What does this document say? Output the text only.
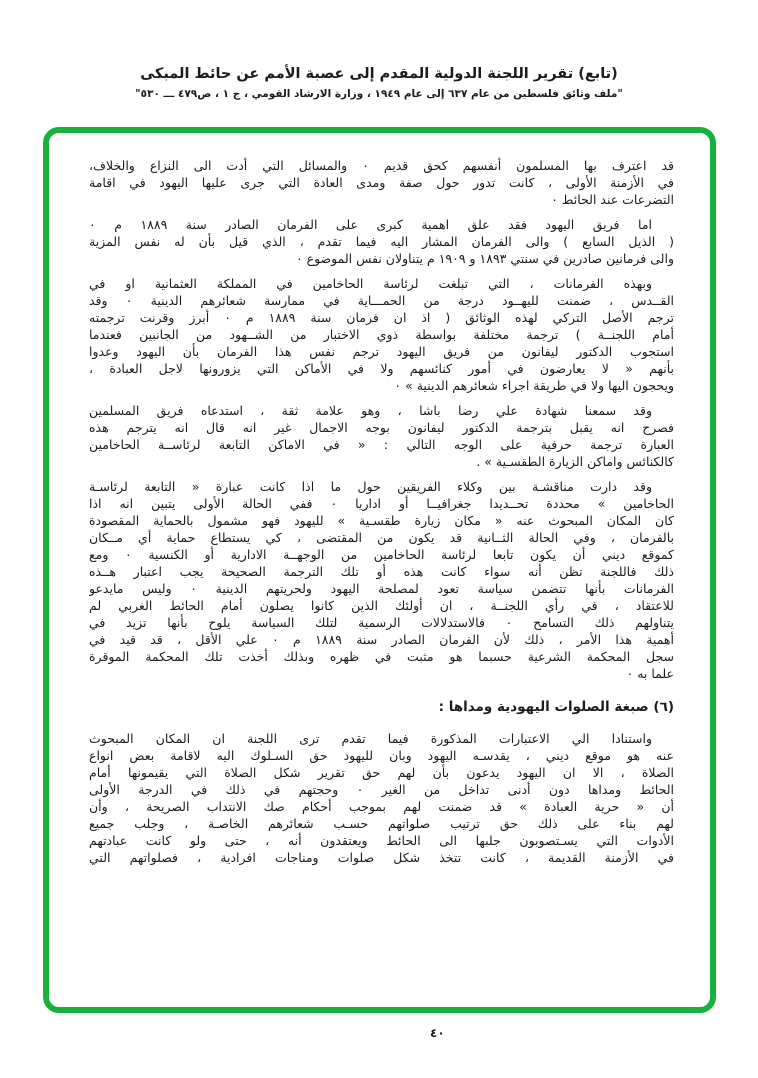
(تابع) تقرير اللجنة الدولية المقدم إلى عصبة الأمم عن حائط المبكى
"ملف وثائق فلسطين من عام ٦٣٧ إلى عام ١٩٤٩ ، وزارة الارشاد القومي ، ج ١ ، ص٤٧٩ ـــ ٥٣٠"
قد اعترف بها المسلمون أنفسهم كحق قديم ٠ والمسائل التي أدت الى النزاع والخلاف،
في الأزمنة الأولى ، كانت تدور حول صفة ومدى العادة التي جرى عليها اليهود في اقامة
التضرعات عند الحائط ٠
اما فريق اليهود فقد علق اهمية كبرى على الفرمان الصادر سنة ١٨٨٩ م ٠
( الذيل السابع ) والى الفرمان المشار اليه فيما تقدم ، الذي قيل بأن له نفس المزية
والى فرمانين صادرين في سنتي ١٨٩٣ و ١٩٠٩ م يتناولان نفس الموضوع ٠
وبهذه الفرمانات ، التي تبلغت لرئاسة الحاخامين في المملكة العثمانية او في
القــدس ، ضمنت لليهــود درجة من الحمـــاية في ممارسة شعائرهم الدينية ٠ وقد
ترجم الأصل التركي لهذه الوثائق ( اذ ان فرمان سنة ١٨٨٩ م ٠ أبرز وقرنت ترجمته
أمام اللجنــة ) ترجمة مختلفة بواسطة ذوي الاختبار من الشــهود من الجانبين فعندما
استجوب الدكتور ليفانون من فريق اليهود ترجم نفس هذا الفرمان بأن اليهود وعدوا
بأنهم « لا يعارضون في أمور كنائسهم ولا في الأماكن التي يزورونها لاجل العبادة ،
ويحجون اليها ولا في طريقة اجراء شعائرهم الدينية » ٠
وقد سمعنا شهادة علي رضا باشا ، وهو علامة ثقة ، استدعاه فريق المسلمين
فصرح انه يقبل بترجمة الدكتور ليفانون بوجه الاجمال غير انه قال انه يترجم هذه
العبارة ترجمة حرفية على الوجه التالي : « في الاماكن التابعة لرئاســة الحاخامين
كالكنائس واماكن الزيارة الطقسـية » .
وقد دارت مناقشـة بين وكلاء الفريقين حول ما اذا كانت عبارة « التابعة لرئاسـة
الحاخامين » محددة تحــديدا جغرافيــا أو اداريا ٠ ففي الحالة الأولى يتبين انه اذا
كان المكان المبحوث عنه « مكان زيارة طقسـية » لليهود فهو مشمول بالحماية المقصودة
بالفرمان ، وفي الحالة الثــانية قد يكون من المقتضى ، كي يستطاع حماية أي مــكان
كموقع ديني أن يكون تابعا لرئاسة الحاخامين من الوجهــة الادارية أو الكنسية ٠ ومع
ذلك فاللجنة تظن أنه سواء كانت هذه أو تلك الترجمة الصحيحة يجب اعتبار هــذه
الفرمانات بأنها تتضمن سياسة تعود لمصلحة اليهود ولحريتهم الدينية ٠ وليس مايدعو
للاعتقاد ، في رأي اللجنــة ، ان أولئك الذين كانوا يصلون أمام الحائط الغربي لم
يتناولهم ذلك التسامح ٠ فالاستدلالات الرسمية لتلك السياسة يلوح بأنها تزيد في
أهمية هذا الأمر ، ذلك لأن الفرمان الصادر سنة ١٨٨٩ م ٠ علي الأقل ، قد قيد في
سجل المحكمة الشرعية حسبما هو مثبت في ظهره وبذلك أخذت تلك المحكمة الموقرة
علما به ٠
(٦) صبغة الصلوات اليهودية ومداها :
واستنادا الي الاعتبارات المذكورة فيما تقدم ترى اللجنة ان المكان المبحوث
عنه هو موقع ديني ، يقدسـه اليهود وبان لليهود حق السـلوك اليه لاقامة بعض انواع
الصلاة ، الا ان اليهود يدعون بأن لهم حق تقرير شكل الصلاة التي يقيمونها أمام
الحائط ومداها دون أدنى تداخل من الغير ٠ وحجتهم في ذلك في الدرجة الأولى
أن « حرية العبادة » قد ضمنت لهم بموجب أحكام صك الانتداب الصريحة ، وأن
لهم بناء على ذلك حق ترتيب صلواتهم حسـب شعائرهم الخاصـة ، وجلب جميع
الأدوات التي يسـتصوبون جلبها الى الحائط ويعتقدون أنه ، حتى ولو كانت عبادتهم
في الأزمنة القديمة ، كانت تتخذ شكل صلوات ومناجات افرادية ، فصلواتهم التي
٤٠
